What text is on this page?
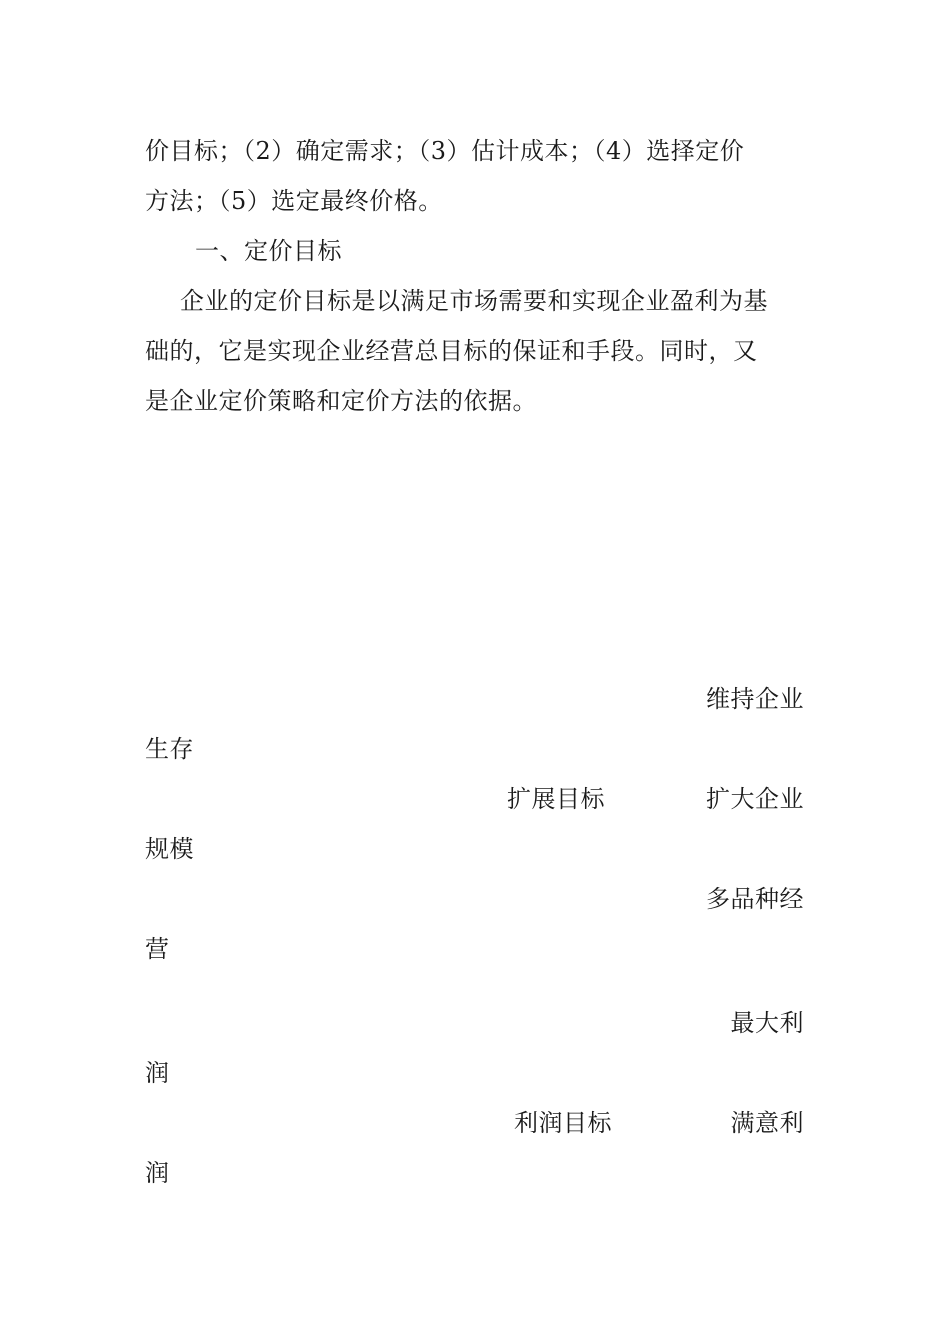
价目标；（2）确定需求；（3）估计成本；（4）选择定价
方法；（5）选定最终价格。
一、定价目标
企业的定价目标是以满足市场需要和实现企业盈利为基
础的，它是实现企业经营总目标的保证和手段。同时，又
是企业定价策略和定价方法的依据。
维持企业
生存
扩展目标	扩大企业
规模
多品种经
营
最大利
润
利润目标	满意利
润
